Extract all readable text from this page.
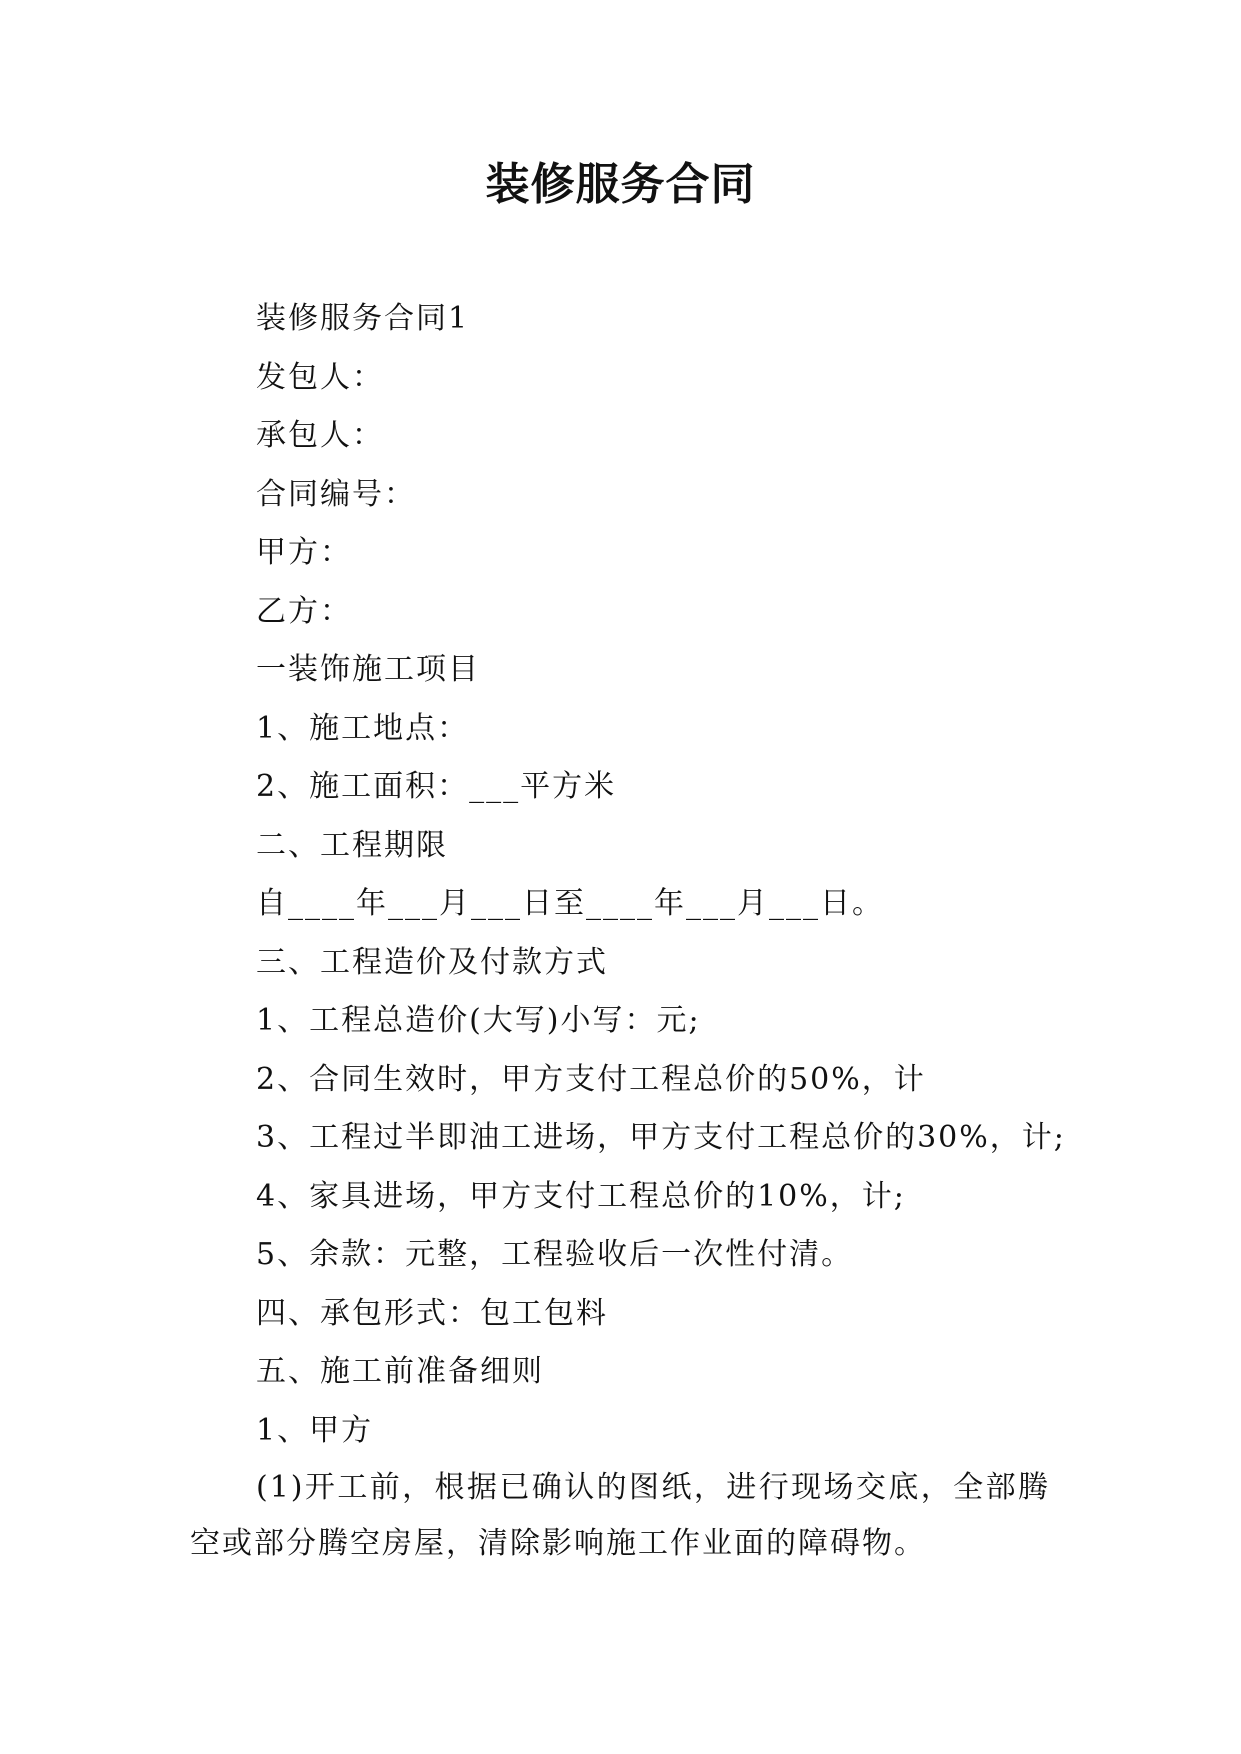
装修服务合同
装修服务合同1
发包人：
承包人：
合同编号：
甲方：
乙方：
一装饰施工项目
1、施工地点：
2、施工面积：___平方米
二、工程期限
自____年___月___日至____年___月___日。
三、工程造价及付款方式
1、工程总造价(大写)小写：元;
2、合同生效时，甲方支付工程总价的50%，计
3、工程过半即油工进场，甲方支付工程总价的30%，计;
4、家具进场，甲方支付工程总价的10%，计;
5、余款：元整，工程验收后一次性付清。
四、承包形式：包工包料
五、施工前准备细则
1、甲方
(1)开工前，根据已确认的图纸，进行现场交底，全部腾空或部分腾空房屋，清除影响施工作业面的障碍物。
